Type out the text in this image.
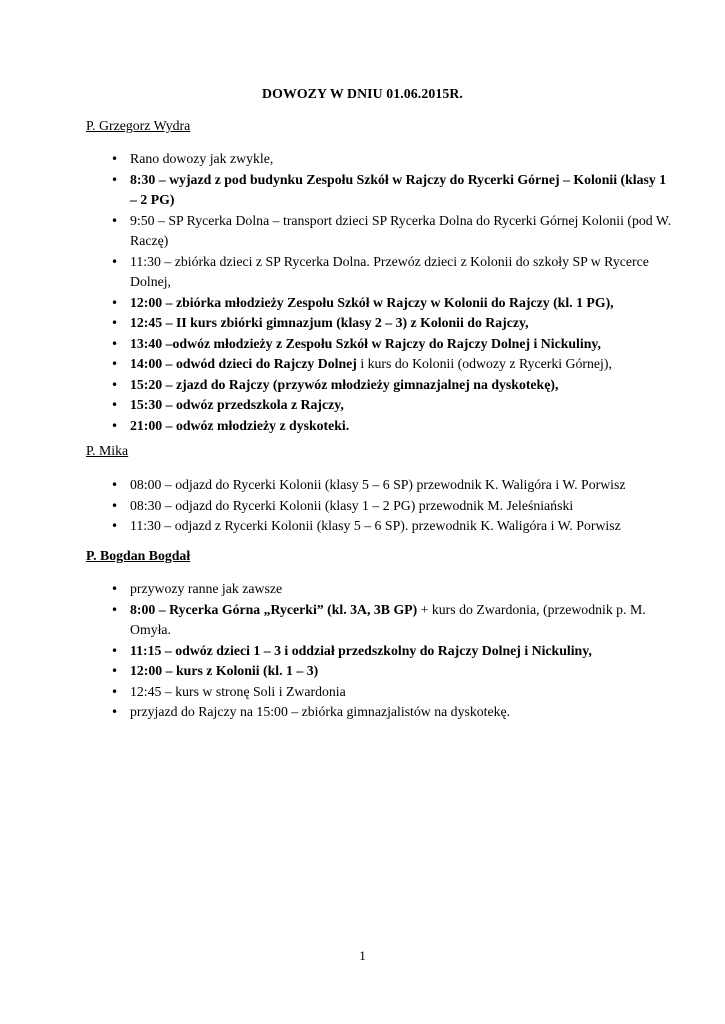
DOWOZY W DNIU 01.06.2015R.
P. Grzegorz Wydra
• Rano dowozy jak zwykle,
• 8:30 – wyjazd z pod budynku Zespołu Szkół w Rajczy do Rycerki Górnej – Kolonii (klasy 1 – 2 PG)
• 9:50 – SP Rycerka Dolna – transport dzieci SP Rycerka Dolna do Rycerki Górnej Kolonii (pod W. Raczę)
• 11:30 – zbiórka dzieci z SP Rycerka Dolna. Przewóz dzieci z Kolonii do szkoły SP w Rycerce Dolnej,
• 12:00 – zbiórka młodzieży Zespołu Szkół w Rajczy w Kolonii do Rajczy (kl. 1 PG),
• 12:45 – II kurs zbiórki gimnazjum (klasy 2 – 3) z Kolonii do Rajczy,
• 13:40 –odwóz młodzieży z Zespołu Szkół w Rajczy do Rajczy Dolnej i Nickuliny,
• 14:00 – odwód dzieci do Rajczy Dolnej i kurs do Kolonii (odwozy z Rycerki Górnej),
• 15:20 – zjazd do Rajczy (przywóz młodzieży gimnazjalnej na dyskotekę),
• 15:30 – odwóz przedszkola z Rajczy,
• 21:00 – odwóz młodzieży z dyskoteki.
P. Mika
• 08:00 – odjazd do Rycerki Kolonii (klasy 5 – 6 SP) przewodnik K. Waligóra i W. Porwisz
• 08:30 – odjazd do Rycerki Kolonii (klasy 1 – 2 PG) przewodnik M. Jeleśniański
• 11:30 – odjazd z Rycerki Kolonii (klasy 5 – 6 SP). przewodnik K. Waligóra i W. Porwisz
P. Bogdan Bogdał
• przywozy ranne jak zawsze
• 8:00 – Rycerka Górna „Rycerki” (kl. 3A, 3B GP) + kurs do Zwardonia, (przewodnik p. M. Omyła.
• 11:15 – odwóz dzieci 1 – 3 i oddział przedszkolny do Rajczy Dolnej i Nickuliny,
• 12:00 – kurs z Kolonii (kl. 1 – 3)
• 12:45 – kurs w stronę Soli i Zwardonia
• przyjazd do Rajczy na 15:00 – zbiórka gimnazjalistów na dyskotekę.
1
